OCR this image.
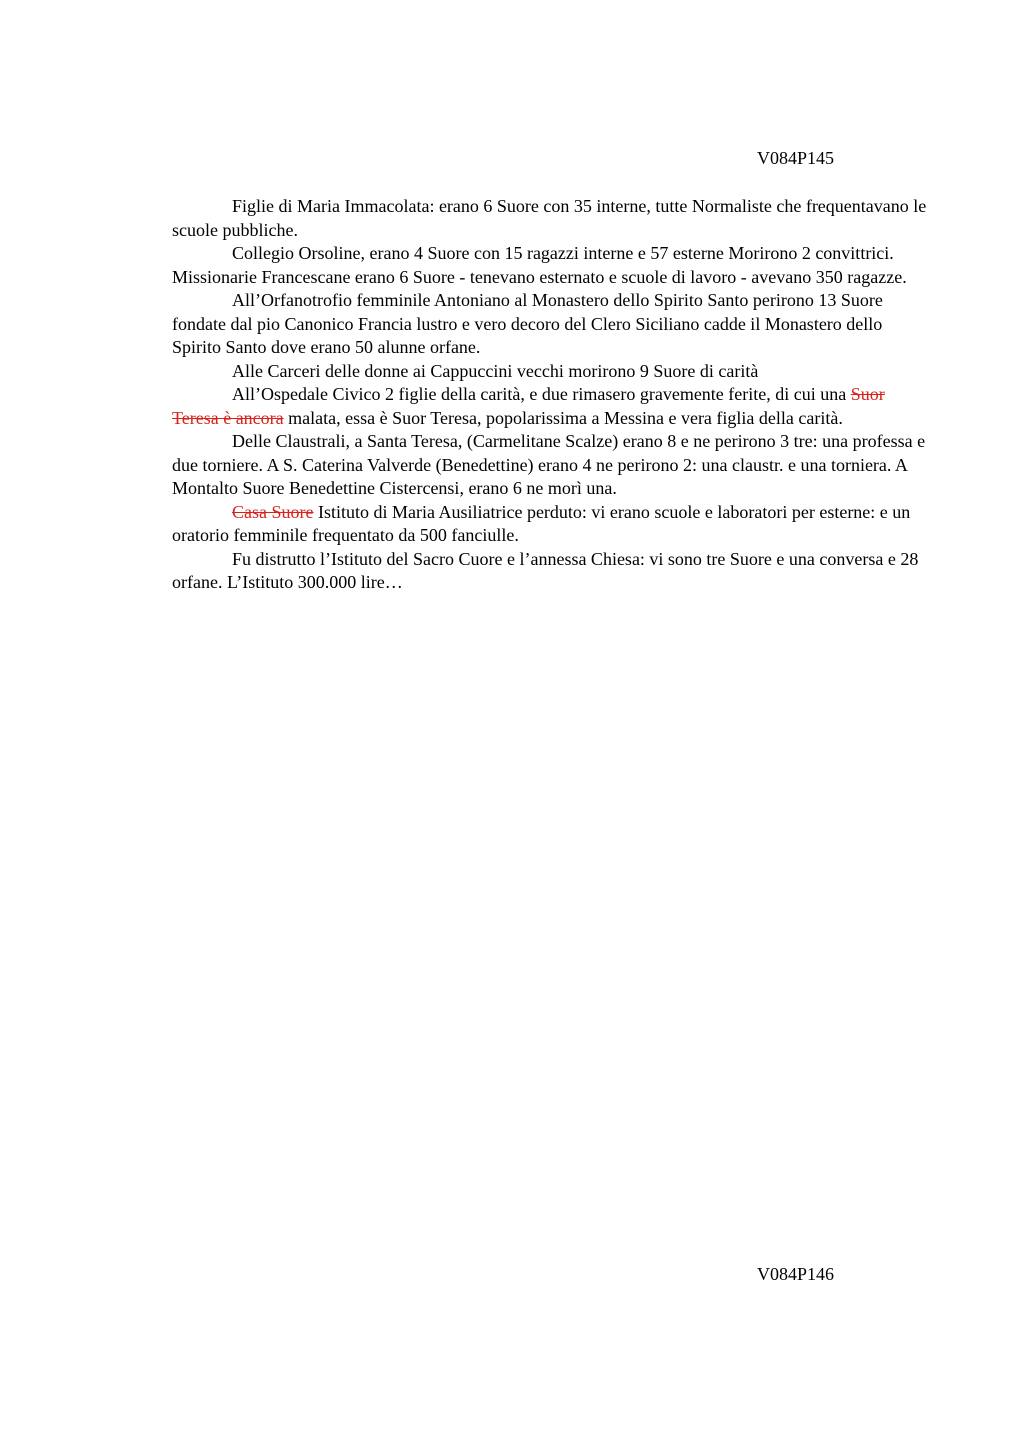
V084P145

Figlie di Maria Immacolata: erano 6 Suore con 35 interne, tutte Normaliste che frequentavano le scuole pubbliche.

Collegio Orsoline, erano 4 Suore con 15 ragazzi interne e 57 esterne Morirono 2 convittrici. Missionarie Francescane erano 6 Suore - tenevano esternato e scuole di lavoro - avevano 350 ragazze.

All’Orfanotrofio femminile Antoniano al Monastero dello Spirito Santo perirono 13 Suore fondate dal pio Canonico Francia lustro e vero decoro del Clero Siciliano cadde il Monastero dello Spirito Santo dove erano 50 alunne orfane.

Alle Carceri delle donne ai Cappuccini vecchi morirono 9 Suore di carità

All’Ospedale Civico 2 figlie della carità, e due rimasero gravemente ferite, di cui una Suor Teresa è ancora malata, essa è Suor Teresa, popolarissima a Messina e vera figlia della carità.

Delle Claustrali, a Santa Teresa, (Carmelitane Scalze) erano 8 e ne perirono 3 tre: una professa e due torniere. A S. Caterina Valverde (Benedettine) erano 4 ne perirono 2: una claustr. e una torniera. A Montalto Suore Benedettine Cistercensi, erano 6 ne morì una.

Casa Suore Istituto di Maria Ausiliatrice perduto: vi erano scuole e laboratori per esterne: e un oratorio femminile frequentato da 500 fanciulle.

Fu distrutto l’Istituto del Sacro Cuore e l’annessa Chiesa: vi sono tre Suore e una conversa e 28 orfane. L’Istituto 300.000 lire…

V084P146
